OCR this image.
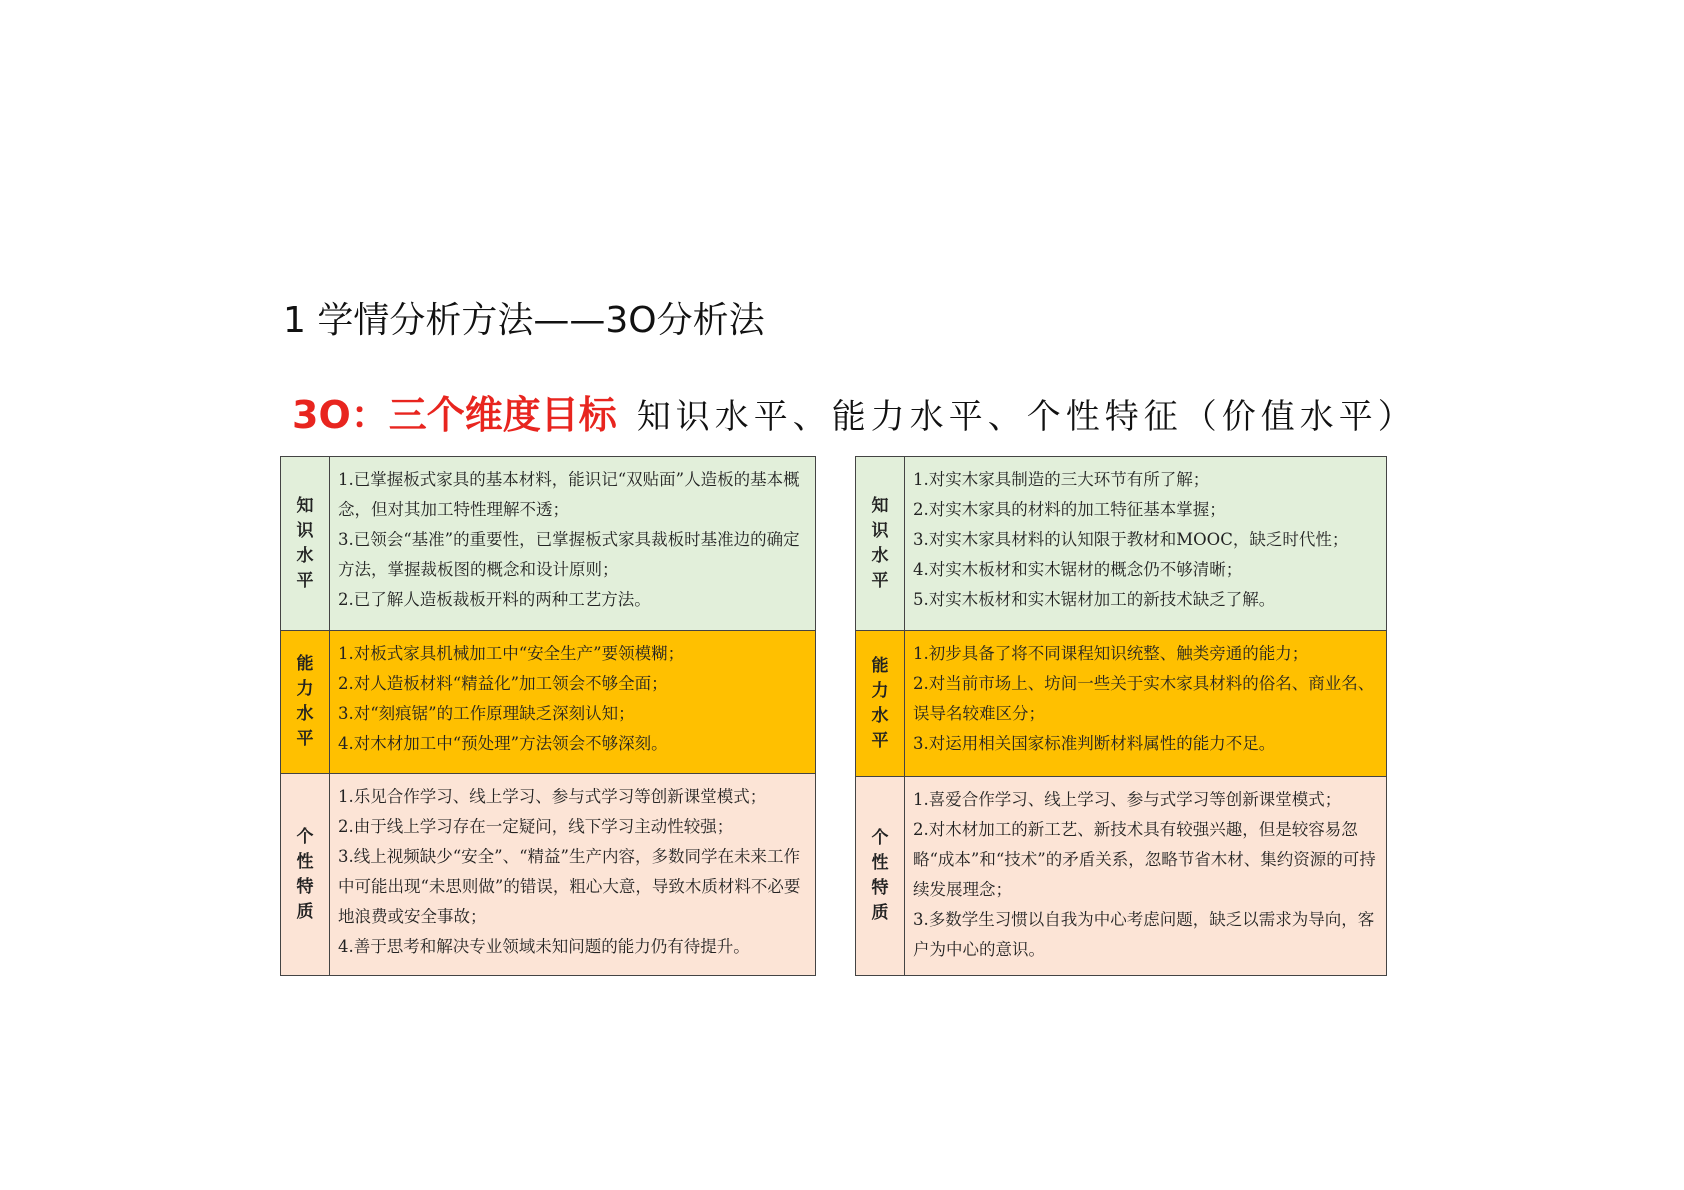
1 学情分析方法——3O分析法
3O：三个维度目标 知识水平、能力水平、个性特征（价值水平）
知识水平	1.已掌握板式家具的基本材料，能识记“双贴面”人造板的基本概念，但对其加工特性理解不透；
3.已领会“基准”的重要性，已掌握板式家具裁板时基准边的确定方法，掌握裁板图的概念和设计原则；
2.已了解人造板裁板开料的两种工艺方法。

能力水平	1.对板式家具机械加工中“安全生产”要领模糊；
2.对人造板材料“精益化”加工领会不够全面；
3.对“刻痕锯”的工作原理缺乏深刻认知；
4.对木材加工中“预处理”方法领会不够深刻。

个性特质	1.乐见合作学习、线上学习、参与式学习等创新课堂模式；
2.由于线上学习存在一定疑问，线下学习主动性较强；
3.线上视频缺少“安全”、“精益”生产内容，多数同学在未来工作中可能出现“未思则做”的错误，粗心大意，导致木质材料不必要地浪费或安全事故；
4.善于思考和解决专业领域未知问题的能力仍有待提升。
知识水平	1.对实木家具制造的三大环节有所了解；
2.对实木家具的材料的加工特征基本掌握；
3.对实木家具材料的认知限于教材和MOOC，缺乏时代性；
4.对实木板材和实木锯材的概念仍不够清晰；
5.对实木板材和实木锯材加工的新技术缺乏了解。

能力水平	1.初步具备了将不同课程知识统整、触类旁通的能力；
2.对当前市场上、坊间一些关于实木家具材料的俗名、商业名、误导名较难区分；
3.对运用相关国家标准判断材料属性的能力不足。

个性特质	1.喜爱合作学习、线上学习、参与式学习等创新课堂模式；
2.对木材加工的新工艺、新技术具有较强兴趣，但是较容易忽略“成本”和“技术”的矛盾关系，忽略节省木材、集约资源的可持续发展理念；
3.多数学生习惯以自我为中心考虑问题，缺乏以需求为导向，客户为中心的意识。
